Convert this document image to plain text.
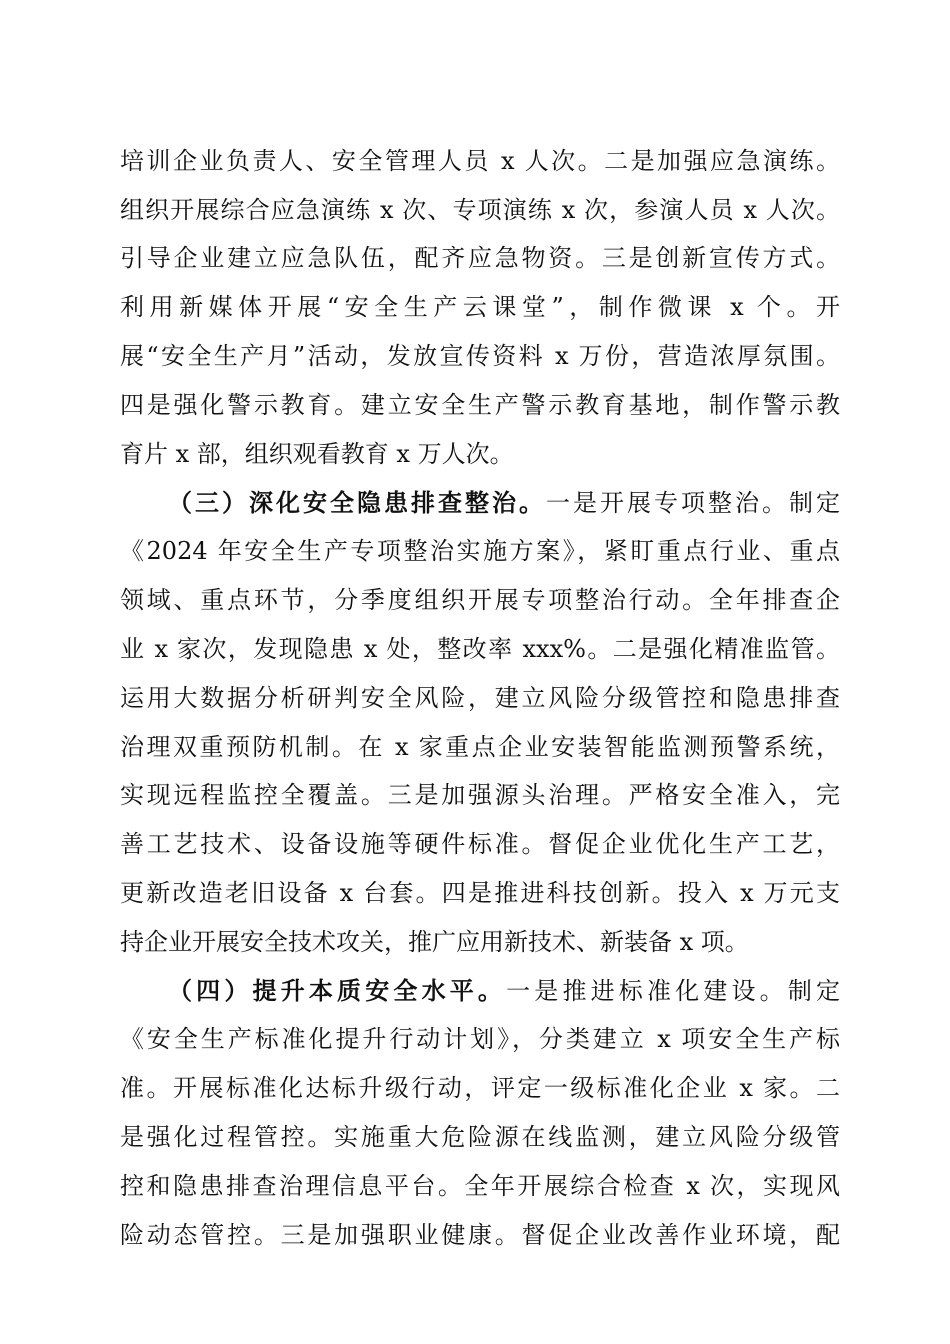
培训企业负责人、安全管理人员 x 人次。二是加强应急演练。
组织开展综合应急演练 x 次、专项演练 x 次，参演人员 x 人次。
引导企业建立应急队伍，配齐应急物资。三是创新宣传方式。
利用新媒体开展“安全生产云课堂”，制作微课 x 个。开
展“安全生产月”活动，发放宣传资料 x 万份，营造浓厚氛围。
四是强化警示教育。建立安全生产警示教育基地，制作警示教
育片 x 部，组织观看教育 x 万人次。
（三）深化安全隐患排查整治。一是开展专项整治。制定
《2024 年安全生产专项整治实施方案》，紧盯重点行业、重点
领域、重点环节，分季度组织开展专项整治行动。全年排查企
业 x 家次，发现隐患 x 处，整改率 xxx%。二是强化精准监管。
运用大数据分析研判安全风险，建立风险分级管控和隐患排查
治理双重预防机制。在 x 家重点企业安装智能监测预警系统，
实现远程监控全覆盖。三是加强源头治理。严格安全准入，完
善工艺技术、设备设施等硬件标准。督促企业优化生产工艺，
更新改造老旧设备 x 台套。四是推进科技创新。投入 x 万元支
持企业开展安全技术攻关，推广应用新技术、新装备 x 项。
（四）提升本质安全水平。一是推进标准化建设。制定
《安全生产标准化提升行动计划》，分类建立 x 项安全生产标
准。开展标准化达标升级行动，评定一级标准化企业 x 家。二
是强化过程管控。实施重大危险源在线监测，建立风险分级管
控和隐患排查治理信息平台。全年开展综合检查 x 次，实现风
险动态管控。三是加强职业健康。督促企业改善作业环境，配
